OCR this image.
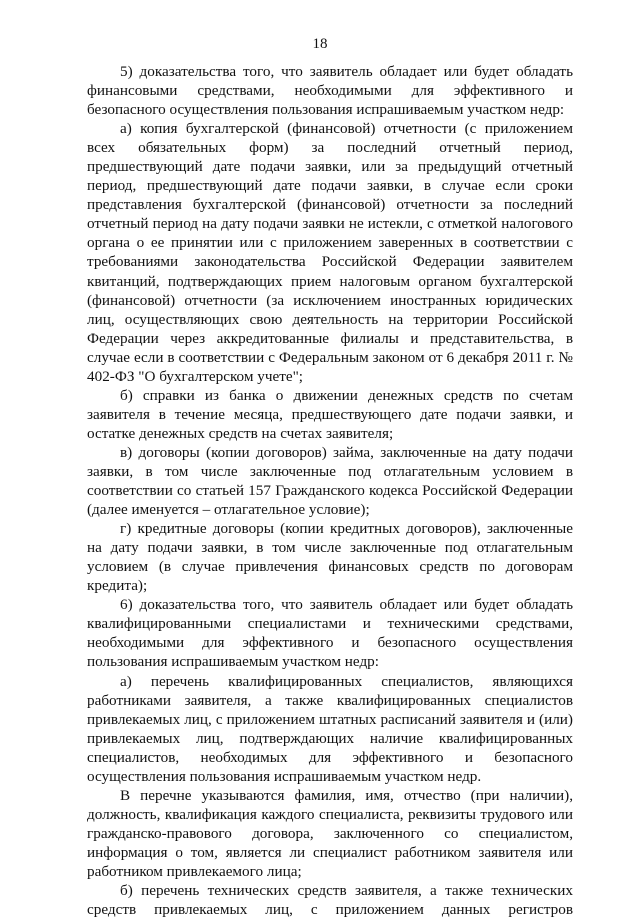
18

5) доказательства того, что заявитель обладает или будет обладать финансовыми средствами, необходимыми для эффективного и безопасного осуществления пользования испрашиваемым участком недр:

а) копия бухгалтерской (финансовой) отчетности (с приложением всех обязательных форм) за последний отчетный период, предшествующий дате подачи заявки, или за предыдущий отчетный период, предшествующий дате подачи заявки, в случае если сроки представления бухгалтерской (финансовой) отчетности за последний отчетный период на дату подачи заявки не истекли, с отметкой налогового органа о ее принятии или с приложением заверенных в соответствии с требованиями законодательства Российской Федерации заявителем квитанций, подтверждающих прием налоговым органом бухгалтерской (финансовой) отчетности (за исключением иностранных юридических лиц, осуществляющих свою деятельность на территории Российской Федерации через аккредитованные филиалы и представительства, в случае если в соответствии с Федеральным законом от 6 декабря 2011 г. № 402-ФЗ "О бухгалтерском учете";

б) справки из банка о движении денежных средств по счетам заявителя в течение месяца, предшествующего дате подачи заявки, и остатке денежных средств на счетах заявителя;

в) договоры (копии договоров) займа, заключенные на дату подачи заявки, в том числе заключенные под отлагательным условием в соответствии со статьей 157 Гражданского кодекса Российской Федерации (далее именуется – отлагательное условие);

г) кредитные договоры (копии кредитных договоров), заключенные на дату подачи заявки, в том числе заключенные под отлагательным условием (в случае привлечения финансовых средств по договорам кредита);

6) доказательства того, что заявитель обладает или будет обладать квалифицированными специалистами и техническими средствами, необходимыми для эффективного и безопасного осуществления пользования испрашиваемым участком недр:

а) перечень квалифицированных специалистов, являющихся работниками заявителя, а также квалифицированных специалистов привлекаемых лиц, с приложением штатных расписаний заявителя и (или) привлекаемых лиц, подтверждающих наличие квалифицированных специалистов, необходимых для эффективного и безопасного осуществления пользования испрашиваемым участком недр.

В перечне указываются фамилия, имя, отчество (при наличии), должность, квалификация каждого специалиста, реквизиты трудового или гражданско-правового договора, заключенного со специалистом, информация о том, является ли специалист работником заявителя или работником привлекаемого лица;

б) перечень технических средств заявителя, а также технических средств привлекаемых лиц, с приложением данных регистров
